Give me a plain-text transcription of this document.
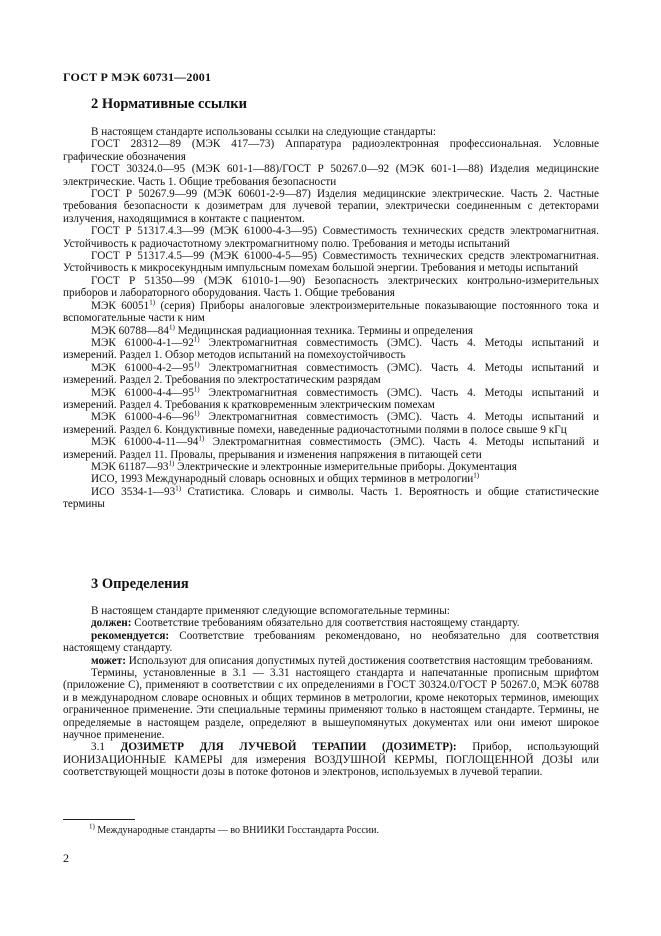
ГОСТ Р МЭК 60731—2001
2 Нормативные ссылки

В настоящем стандарте использованы ссылки на следующие стандарты:

ГОСТ 28312—89 (МЭК 417—73) Аппаратура радиоэлектронная профессиональная. Условные графические обозначения

ГОСТ 30324.0—95 (МЭК 601-1—88)/ГОСТ Р 50267.0—92 (МЭК 601-1—88) Изделия медицинские электрические. Часть 1. Общие требования безопасности

ГОСТ Р 50267.9—99 (МЭК 60601-2-9—87) Изделия медицинские электрические. Часть 2. Частные требования безопасности к дозиметрам для лучевой терапии, электрически соединенным с детекторами излучения, находящимися в контакте с пациентом.

ГОСТ Р 51317.4.3—99 (МЭК 61000-4-3—95) Совместимость технических средств электромагнитная. Устойчивость к радиочастотному электромагнитному полю. Требования и методы испытаний

ГОСТ Р 51317.4.5—99 (МЭК 61000-4-5—95) Совместимость технических средств электромагнитная. Устойчивость к микросекундным импульсным помехам большой энергии. Требования и методы испытаний

ГОСТ Р 51350—99 (МЭК 61010-1—90) Безопасность электрических контрольно-измерительных приборов и лабораторного оборудования. Часть 1. Общие требования

МЭК 60051$^{1)}$ (серия) Приборы аналоговые электроизмерительные показывающие постоянного тока и вспомогательные части к ним

МЭК 60788—84$^{1)}$ Медицинская радиационная техника. Термины и определения

МЭК 61000-4-1—92$^{1)}$ Электромагнитная совместимость (ЭМС). Часть 4. Методы испытаний и измерений. Раздел 1. Обзор методов испытаний на помехоустойчивость

МЭК 61000-4-2—95$^{1)}$ Электромагнитная совместимость (ЭМС). Часть 4. Методы испытаний и измерений. Раздел 2. Требования по электростатическим разрядам

МЭК 61000-4-4—95$^{1)}$ Электромагнитная совместимость (ЭМС). Часть 4. Методы испытаний и измерений. Раздел 4. Требования к кратковременным электрическим помехам

МЭК 61000-4-6—96$^{1)}$ Электромагнитная совместимость (ЭМС). Часть 4. Методы испытаний и измерений. Раздел 6. Кондуктивные помехи, наведенные радиочастотными полями в полосе свыше 9 кГц

МЭК 61000-4-11—94$^{1)}$ Электромагнитная совместимость (ЭМС). Часть 4. Методы испытаний и измерений. Раздел 11. Провалы, прерывания и изменения напряжения в питающей сети

МЭК 61187—93$^{1)}$ Электрические и электронные измерительные приборы. Документация

ИСО, 1993 Международный словарь основных и общих терминов в метрологии$^{1)}$

ИСО 3534-1—93$^{1)}$ Статистика. Словарь и символы. Часть 1. Вероятность и общие статистические термины

3 Определения

В настоящем стандарте применяют следующие вспомогательные термины:

должен: Соответствие требованиям обязательно для соответствия настоящему стандарту.

рекомендуется: Соответствие требованиям рекомендовано, но необязательно для соответствия настоящему стандарту.

может: Используют для описания допустимых путей достижения соответствия настоящим требованиям.

Термины, установленные в 3.1 — 3.31 настоящего стандарта и напечатанные прописным шрифтом (приложение С), применяют в соответствии с их определениями в ГОСТ 30324.0/ГОСТ Р 50267.0, МЭК 60788 и в международном словаре основных и общих терминов в метрологии, кроме некоторых терминов, имеющих ограниченное применение. Эти специальные термины применяют только в настоящем стандарте. Термины, не определяемые в настоящем разделе, определяют в вышеупомянутых документах или они имеют широкое научное применение.

3.1 ДОЗИМЕТР ДЛЯ ЛУЧЕВОЙ ТЕРАПИИ (ДОЗИМЕТР): Прибор, использующий ИОНИЗАЦИОННЫЕ КАМЕРЫ для измерения ВОЗДУШНОЙ КЕРМЫ, ПОГЛОЩЕННОЙ ДОЗЫ или соответствующей мощности дозы в потоке фотонов и электронов, используемых в лучевой терапии.

$^{1)}$ Международные стандарты — во ВНИИКИ Госстандарта России.
2
